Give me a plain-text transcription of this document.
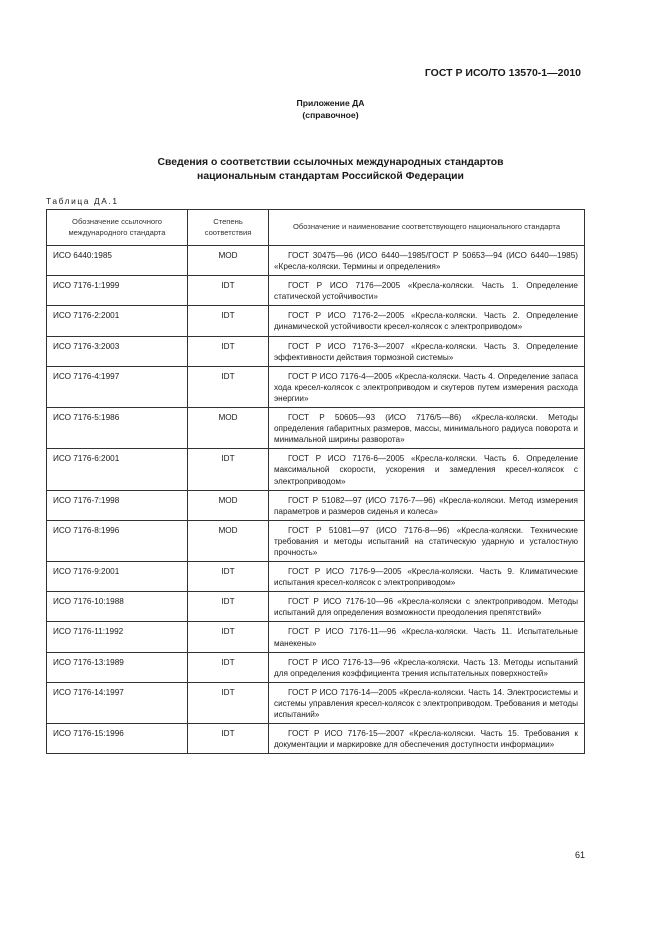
ГОСТ Р ИСО/ТО 13570-1—2010
Приложение ДА
(справочное)
Сведения о соответствии ссылочных международных стандартов
национальным стандартам Российской Федерации
Таблица ДА.1
Обозначение ссылочного международного стандарта	Степень соответствия	Обозначение и наименование соответствующего национального стандарта
ИСО 6440:1985	MOD	ГОСТ 30475—96 (ИСО 6440—1985/ГОСТ Р 50653—94 (ИСО 6440—1985) «Кресла-коляски. Термины и определения»
ИСО 7176-1:1999	IDT	ГОСТ Р ИСО 7176—2005 «Кресла-коляски. Часть 1. Определение статической устойчивости»
ИСО 7176-2:2001	IDT	ГОСТ Р ИСО 7176-2—2005 «Кресла-коляски. Часть 2. Определение динамической устойчивости кресел-колясок с электроприводом»
ИСО 7176-3:2003	IDT	ГОСТ Р ИСО 7176-3—2007 «Кресла-коляски. Часть 3. Определение эффективности действия тормозной системы»
ИСО 7176-4:1997	IDT	ГОСТ Р ИСО 7176-4—2005 «Кресла-коляски. Часть 4. Определение запаса хода кресел-колясок с электроприводом и скутеров путем измерения расхода энергии»
ИСО 7176-5:1986	MOD	ГОСТ Р 50605—93 (ИСО 7176/5—86) «Кресла-коляски. Методы определения габаритных размеров, массы, минимального радиуса поворота и минимальной ширины разворота»
ИСО 7176-6:2001	IDT	ГОСТ Р ИСО 7176-6—2005 «Кресла-коляски. Часть 6. Определение максимальной скорости, ускорения и замедления кресел-колясок с электроприводом»
ИСО 7176-7:1998	MOD	ГОСТ Р 51082—97 (ИСО 7176-7—96) «Кресла-коляски. Метод измерения параметров и размеров сиденья и колеса»
ИСО 7176-8:1996	MOD	ГОСТ Р 51081—97 (ИСО 7176-8—96) «Кресла-коляски. Технические требования и методы испытаний на статическую ударную и усталостную прочность»
ИСО 7176-9:2001	IDT	ГОСТ Р ИСО 7176-9—2005 «Кресла-коляски. Часть 9. Климатические испытания кресел-колясок с электроприводом»
ИСО 7176-10:1988	IDT	ГОСТ Р ИСО 7176-10—96 «Кресла-коляски с электроприводом. Методы испытаний для определения возможности преодоления препятствий»
ИСО 7176-11:1992	IDT	ГОСТ Р ИСО 7176-11—96 «Кресла-коляски. Часть 11. Испытательные манекены»
ИСО 7176-13:1989	IDT	ГОСТ Р ИСО 7176-13—96 «Кресла-коляски. Часть 13. Методы испытаний для определения коэффициента трения испытательных поверхностей»
ИСО 7176-14:1997	IDT	ГОСТ Р ИСО 7176-14—2005 «Кресла-коляски. Часть 14. Электросистемы и системы управления кресел-колясок с электроприводом. Требования и методы испытаний»
ИСО 7176-15:1996	IDT	ГОСТ Р ИСО 7176-15—2007 «Кресла-коляски. Часть 15. Требования к документации и маркировке для обеспечения доступности информации»
61
